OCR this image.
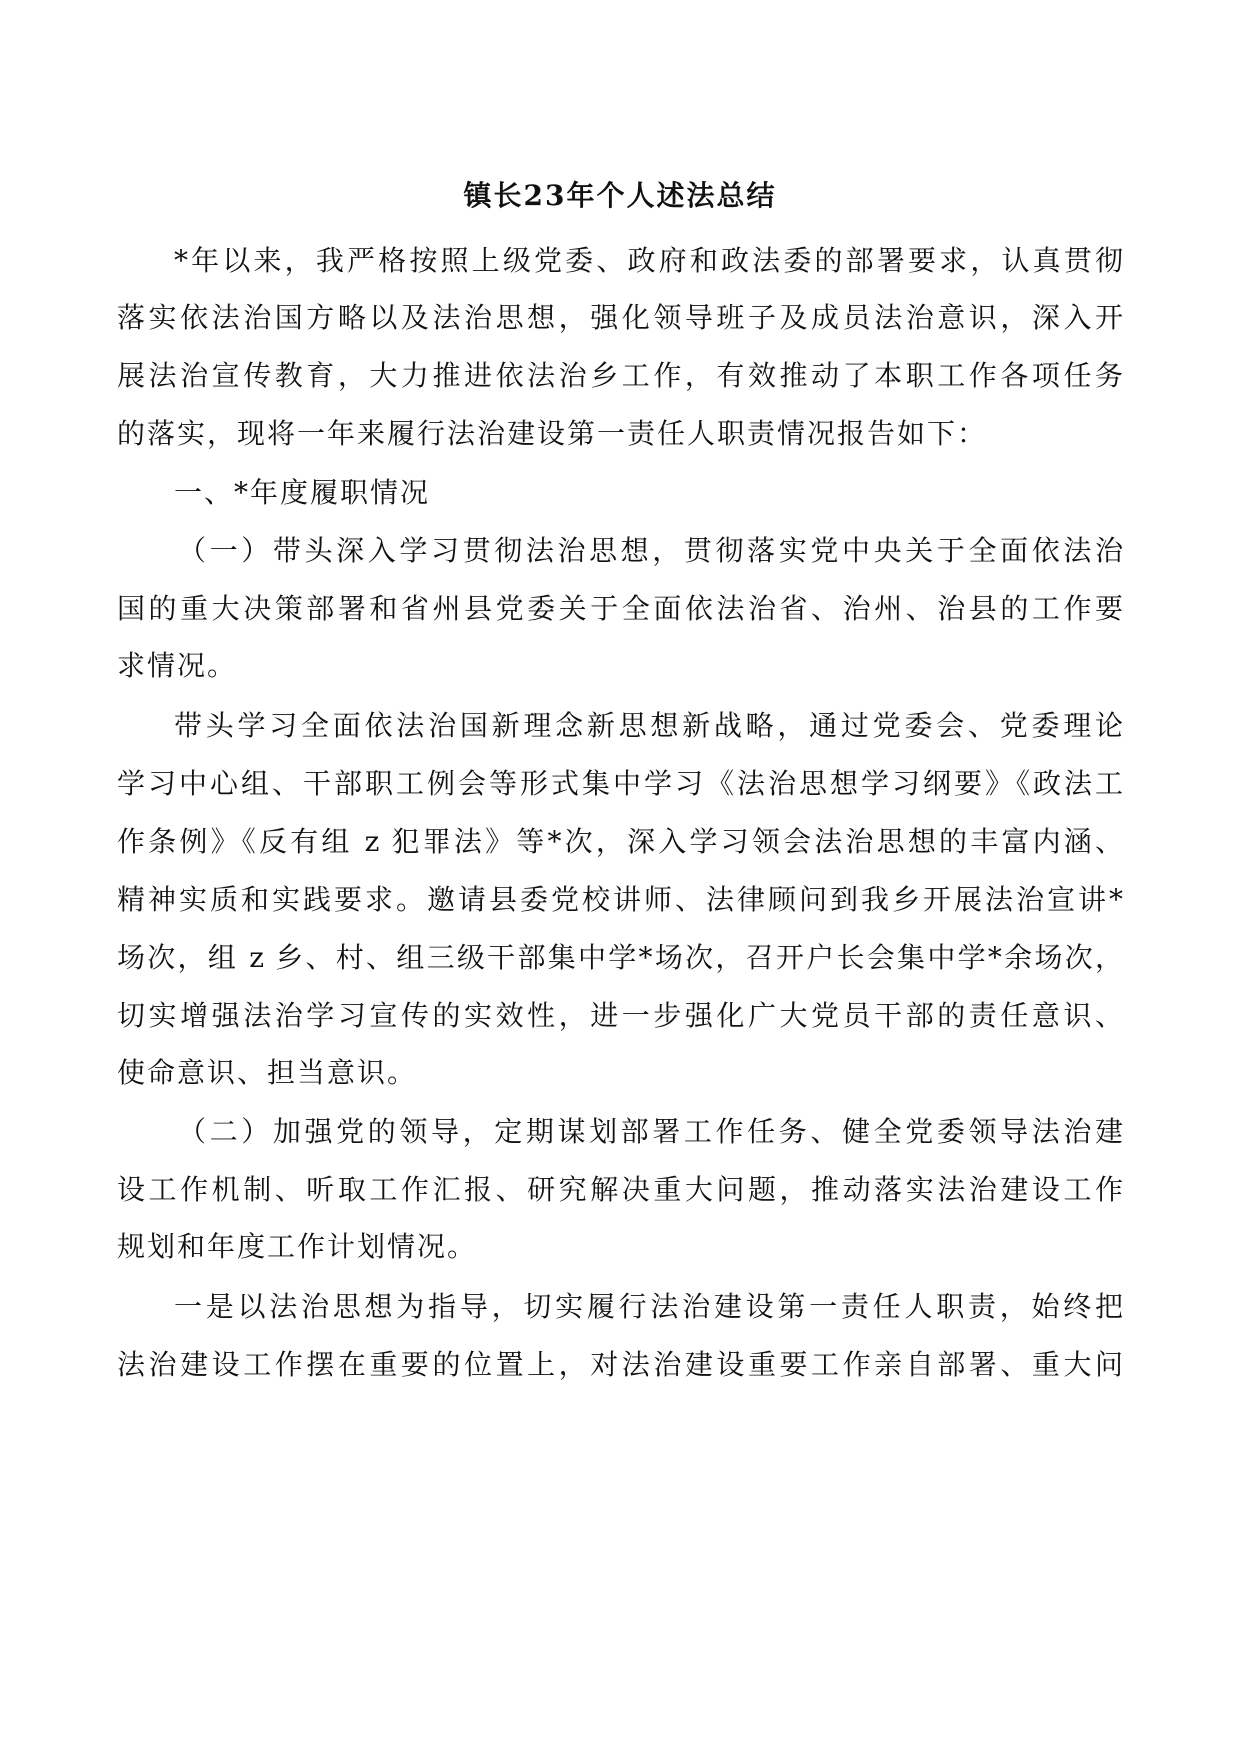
镇长23年个人述法总结
*年以来，我严格按照上级党委、政府和政法委的部署要求，认真贯彻
落实依法治国方略以及法治思想，强化领导班子及成员法治意识，深入开
展法治宣传教育，大力推进依法治乡工作，有效推动了本职工作各项任务
的落实，现将一年来履行法治建设第一责任人职责情况报告如下：
一、*年度履职情况
（一）带头深入学习贯彻法治思想，贯彻落实党中央关于全面依法治
国的重大决策部署和省州县党委关于全面依法治省、治州、治县的工作要
求情况。
带头学习全面依法治国新理念新思想新战略，通过党委会、党委理论
学习中心组、干部职工例会等形式集中学习《法治思想学习纲要》《政法工
作条例》《反有组 z 犯罪法》等*次，深入学习领会法治思想的丰富内涵、
精神实质和实践要求。邀请县委党校讲师、法律顾问到我乡开展法治宣讲*
场次，组 z 乡、村、组三级干部集中学*场次，召开户长会集中学*余场次，
切实增强法治学习宣传的实效性，进一步强化广大党员干部的责任意识、
使命意识、担当意识。
（二）加强党的领导，定期谋划部署工作任务、健全党委领导法治建
设工作机制、听取工作汇报、研究解决重大问题，推动落实法治建设工作
规划和年度工作计划情况。
一是以法治思想为指导，切实履行法治建设第一责任人职责，始终把
法治建设工作摆在重要的位置上，对法治建设重要工作亲自部署、重大问
